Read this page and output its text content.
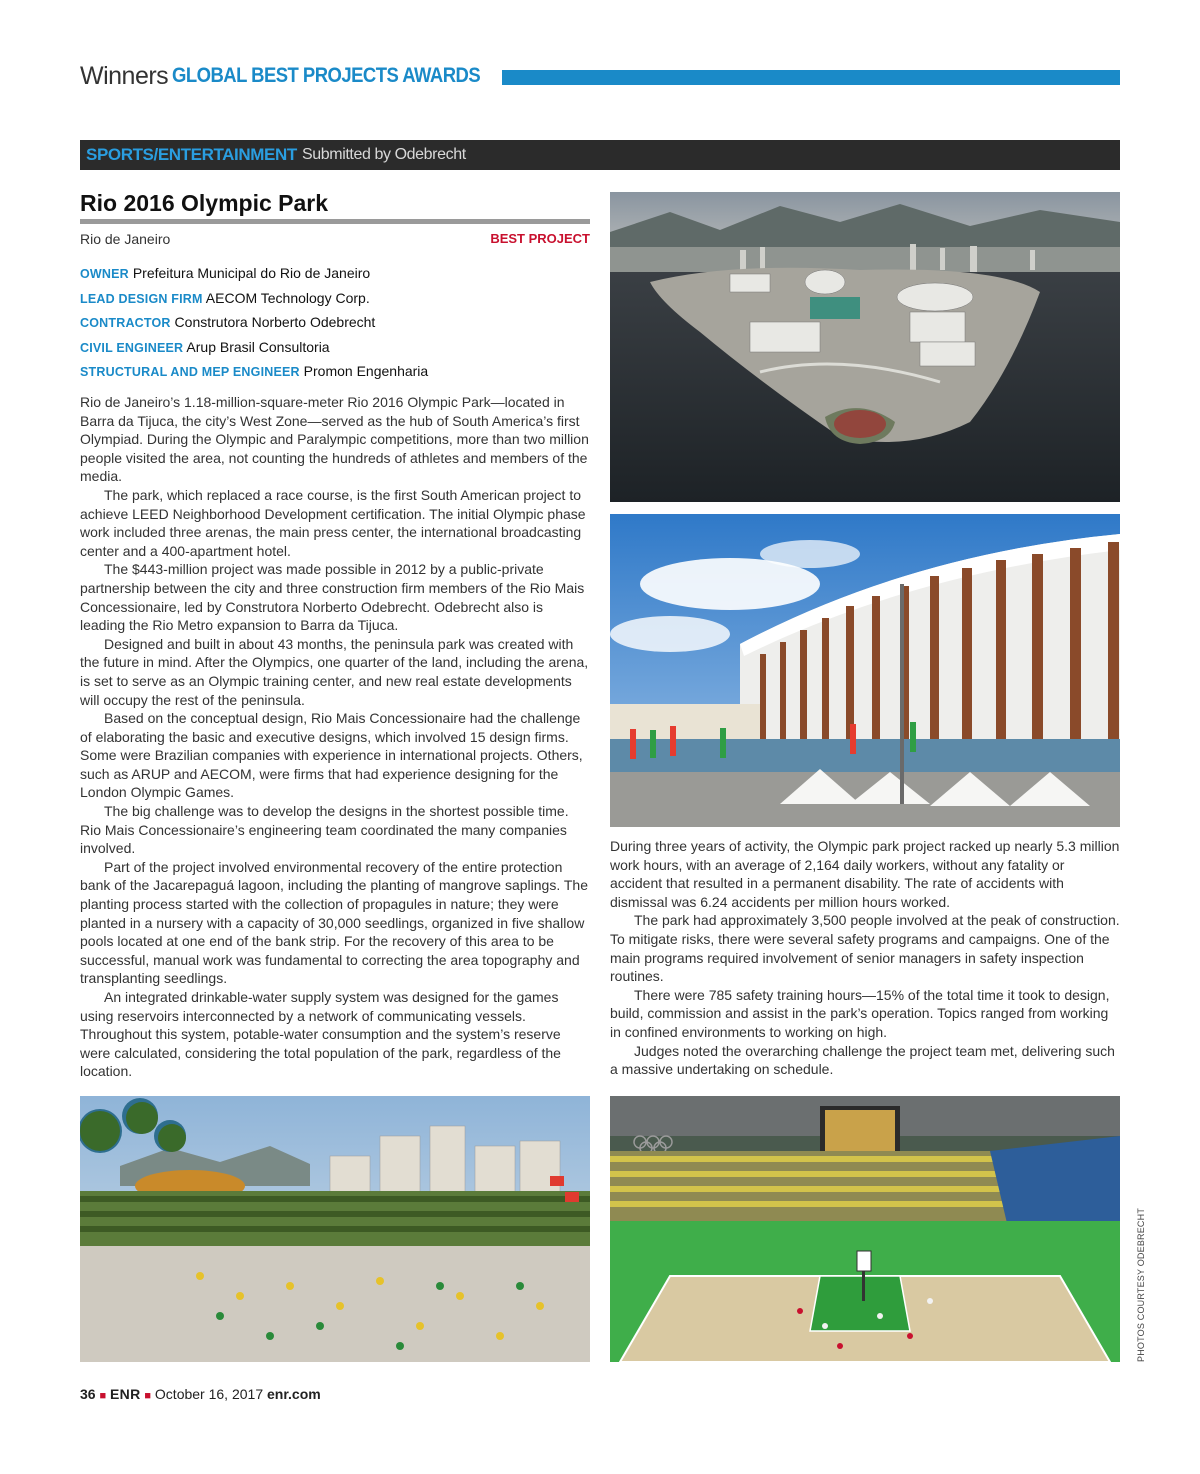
Winners GLOBAL BEST PROJECTS AWARDS
SPORTS/ENTERTAINMENT Submitted by Odebrecht
Rio 2016 Olympic Park
Rio de Janeiro	BEST PROJECT
OWNER Prefeitura Municipal do Rio de Janeiro
LEAD DESIGN FIRM AECOM Technology Corp.
CONTRACTOR Construtora Norberto Odebrecht
CIVIL ENGINEER Arup Brasil Consultoria
STRUCTURAL AND MEP ENGINEER Promon Engenharia

Rio de Janeiro’s 1.18-million-square-meter Rio 2016 Olympic Park—located in Barra da Tijuca, the city’s West Zone—served as the hub of South America’s first Olympiad. During the Olympic and Paralympic competitions, more than two million people visited the area, not counting the hundreds of athletes and members of the media.

The park, which replaced a race course, is the first South American project to achieve LEED Neighborhood Development certification. The initial Olympic phase work included three arenas, the main press center, the international broadcasting center and a 400-apartment hotel.

The $443-million project was made possible in 2012 by a public-private partnership between the city and three construction firm members of the Rio Mais Concessionaire, led by Construtora Norberto Odebrecht. Odebrecht also is leading the Rio Metro expansion to Barra da Tijuca.

Designed and built in about 43 months, the peninsula park was created with the future in mind. After the Olympics, one quarter of the land, including the arena, is set to serve as an Olympic training center, and new real estate developments will occupy the rest of the peninsula.

Based on the conceptual design, Rio Mais Concessionaire had the challenge of elaborating the basic and executive designs, which involved 15 design firms. Some were Brazilian companies with experience in international projects. Others, such as ARUP and AECOM, were firms that had experience designing for the London Olympic Games.

The big challenge was to develop the designs in the shortest possible time. Rio Mais Concessionaire’s engineering team coordinated the many companies involved.

Part of the project involved environmental recovery of the entire protection bank of the Jacarepaguá lagoon, including the planting of mangrove saplings. The planting process started with the collection of propagules in nature; they were planted in a nursery with a capacity of 30,000 seedlings, organized in five shallow pools located at one end of the bank strip. For the recovery of this area to be successful, manual work was fundamental to correcting the area topography and transplanting seedlings.

An integrated drinkable-water supply system was designed for the games using reservoirs interconnected by a network of communicating vessels. Throughout this system, potable-water consumption and the system’s reserve were calculated, considering the total population of the park, regardless of the location.

During three years of activity, the Olympic park project racked up nearly 5.3 million work hours, with an average of 2,164 daily workers, without any fatality or accident that resulted in a permanent disability. The rate of accidents with dismissal was 6.24 accidents per million hours worked.

The park had approximately 3,500 people involved at the peak of construction. To mitigate risks, there were several safety programs and campaigns. One of the main programs required involvement of senior managers in safety inspection routines.

There were 785 safety training hours—15% of the total time it took to design, build, commission and assist in the park’s operation. Topics ranged from working in confined environments to working on high.

Judges noted the overarching challenge the project team met, delivering such a massive undertaking on schedule.

PHOTOS COURTESY ODEBRECHT
36 ■ ENR ■ October 16, 2017 enr.com
